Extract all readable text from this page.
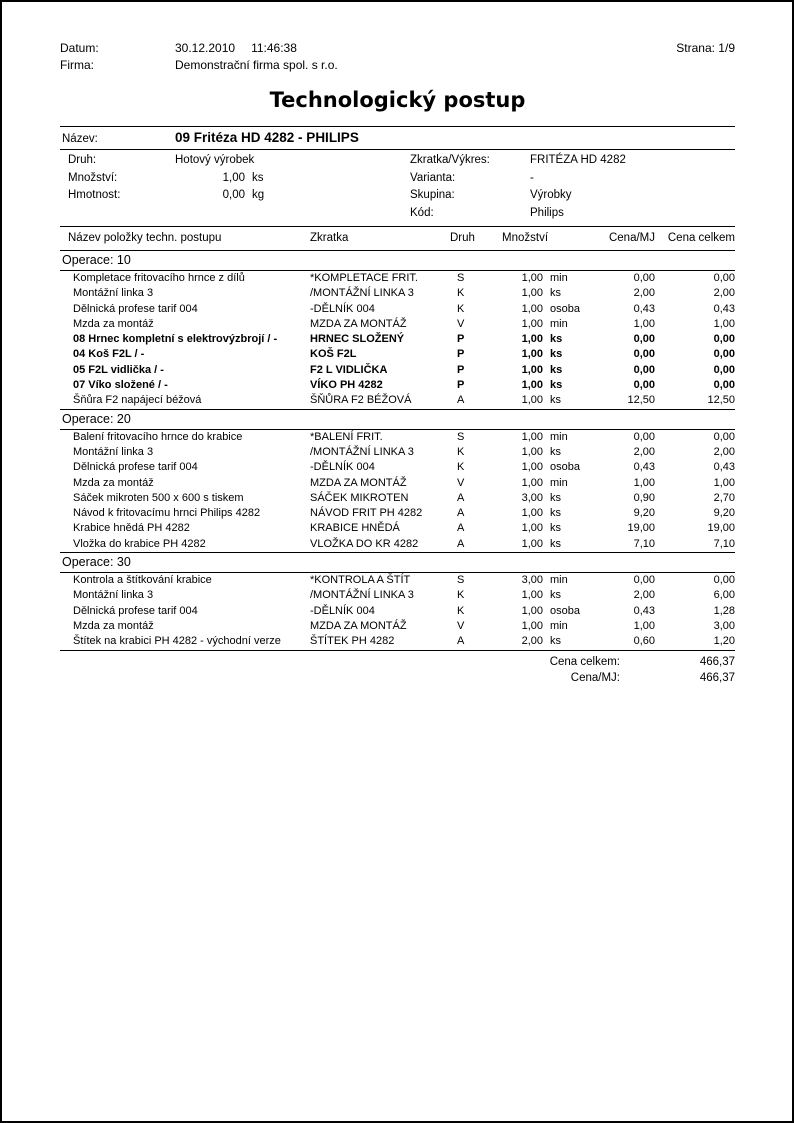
Datum:	30.12.2010 11:46:38	Strana: 1/9
Firma:	Demonstrační firma spol. s r.o.
Technologický postup
Název:	09 Fritéza HD 4282 - PHILIPS
Druh:	Hotový výrobek	Zkratka/Výkres:	FRITÉZA HD 4282
Množství:	1,00 ks	Varianta:	-
Hmotnost:	0,00 kg	Skupina:	Výrobky
Kód:	Philips
Název položky techn. postupu	Zkratka	Druh	Množství	Cena/MJ	Cena celkem
Operace: 10
Kompletace fritovacího hrnce z dílů	*KOMPLETACE FRIT.	S	1,00 min	0,00	0,00
Montážní linka 3	/MONTÁŽNÍ LINKA 3	K	1,00 ks	2,00	2,00
Dělnická profese tarif 004	-DĚLNÍK 004	K	1,00 osoba	0,43	0,43
Mzda za montáž	MZDA ZA MONTÁŽ	V	1,00 min	1,00	1,00
08 Hrnec kompletní s elektrovýzbrojí / -	HRNEC SLOŽENÝ	P	1,00 ks	0,00	0,00
04 Koš F2L / -	KOŠ F2L	P	1,00 ks	0,00	0,00
05 F2L vidlička / -	F2 L VIDLIČKA	P	1,00 ks	0,00	0,00
07 Víko složené / -	VÍKO PH 4282	P	1,00 ks	0,00	0,00
Šňůra F2 napájecí béžová	ŠŇŮRA F2 BÉŽOVÁ	A	1,00 ks	12,50	12,50
Operace: 20
Balení fritovacího hrnce do krabice	*BALENÍ FRIT.	S	1,00 min	0,00	0,00
Montážní linka 3	/MONTÁŽNÍ LINKA 3	K	1,00 ks	2,00	2,00
Dělnická profese tarif 004	-DĚLNÍK 004	K	1,00 osoba	0,43	0,43
Mzda za montáž	MZDA ZA MONTÁŽ	V	1,00 min	1,00	1,00
Sáček mikroten 500 x 600 s tiskem	SÁČEK MIKROTEN	A	3,00 ks	0,90	2,70
Návod k fritovacímu hrnci Philips 4282	NÁVOD FRIT PH 4282	A	1,00 ks	9,20	9,20
Krabice hnědá PH 4282	KRABICE HNĚDÁ	A	1,00 ks	19,00	19,00
Vložka do krabice PH 4282	VLOŽKA DO KR 4282	A	1,00 ks	7,10	7,10
Operace: 30
Kontrola a štítkování krabice	*KONTROLA A ŠTÍT	S	3,00 min	0,00	0,00
Montážní linka 3	/MONTÁŽNÍ LINKA 3	K	1,00 ks	2,00	6,00
Dělnická profese tarif 004	-DĚLNÍK 004	K	1,00 osoba	0,43	1,28
Mzda za montáž	MZDA ZA MONTÁŽ	V	1,00 min	1,00	3,00
Štítek na krabici PH 4282 - východní verze	ŠTÍTEK PH 4282	A	2,00 ks	0,60	1,20
Cena celkem:	466,37
Cena/MJ:	466,37
